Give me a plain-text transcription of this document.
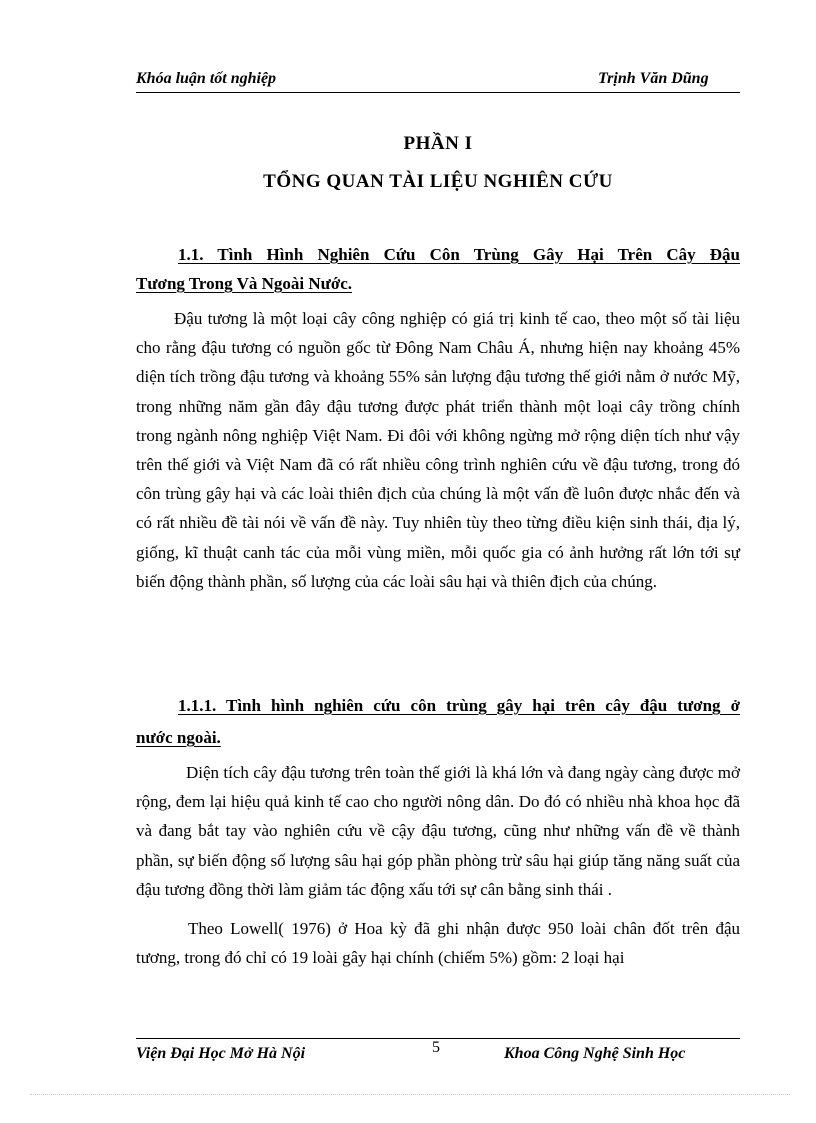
Khóa luận tốt nghiệp	Trịnh Văn Dũng
PHẦN I
TỔNG QUAN TÀI LIỆU NGHIÊN CỨU
1.1. Tình Hình Nghiên Cứu Côn Trùng Gây Hại Trên Cây Đậu
Tương Trong Và Ngoài Nước.

Đậu tương là một loại cây công nghiệp có giá trị kinh tế cao, theo một số tài liệu cho rằng đậu tương có nguồn gốc từ Đông Nam Châu Á, nhưng hiện nay khoảng 45% diện tích trồng đậu tương và khoảng 55% sản lượng đậu tương thế giới nằm ở nước Mỹ, trong những năm gần đây đậu tương được phát triển thành một loại cây trồng chính trong ngành nông nghiệp Việt Nam. Đi đôi với không ngừng mở rộng diện tích như vậy trên thế giới và Việt Nam đã có rất nhiều công trình nghiên cứu về đậu tương, trong đó côn trùng gây hại và các loài thiên địch của chúng là một vấn đề luôn được nhắc đến và có rất nhiều đề tài nói về vấn đề này. Tuy nhiên tùy theo từng điều kiện sinh thái, địa lý, giống, kĩ thuật canh tác của mỗi vùng miền, mỗi quốc gia có ảnh hưởng rất lớn tới sự biến động thành phần, số lượng của các loài sâu hại và thiên địch của chúng.

1.1.1. Tình hình nghiên cứu côn trùng gây hại trên cây đậu tương ở
nước ngoài.

Diện tích cây đậu tương trên toàn thế giới là khá lớn và đang ngày càng được mở rộng, đem lại hiệu quả kinh tế cao cho người nông dân. Do đó có nhiều nhà khoa học đã và đang bắt tay vào nghiên cứu về cậy đậu tương, cũng như những vấn đề về thành phần, sự biến động số lượng sâu hại góp phần phòng trừ sâu hại giúp tăng năng suất của đậu tương đồng thời làm giảm tác động xấu tới sự cân bằng sinh thái .

Theo Lowell( 1976) ở Hoa kỳ đã ghi nhận được 950 loài chân đốt trên đậu tương, trong đó chỉ có 19 loài gây hại chính (chiếm 5%) gồm: 2 loại hại

Viện Đại Học Mở Hà Nội	5	Khoa Công Nghệ Sinh Học
